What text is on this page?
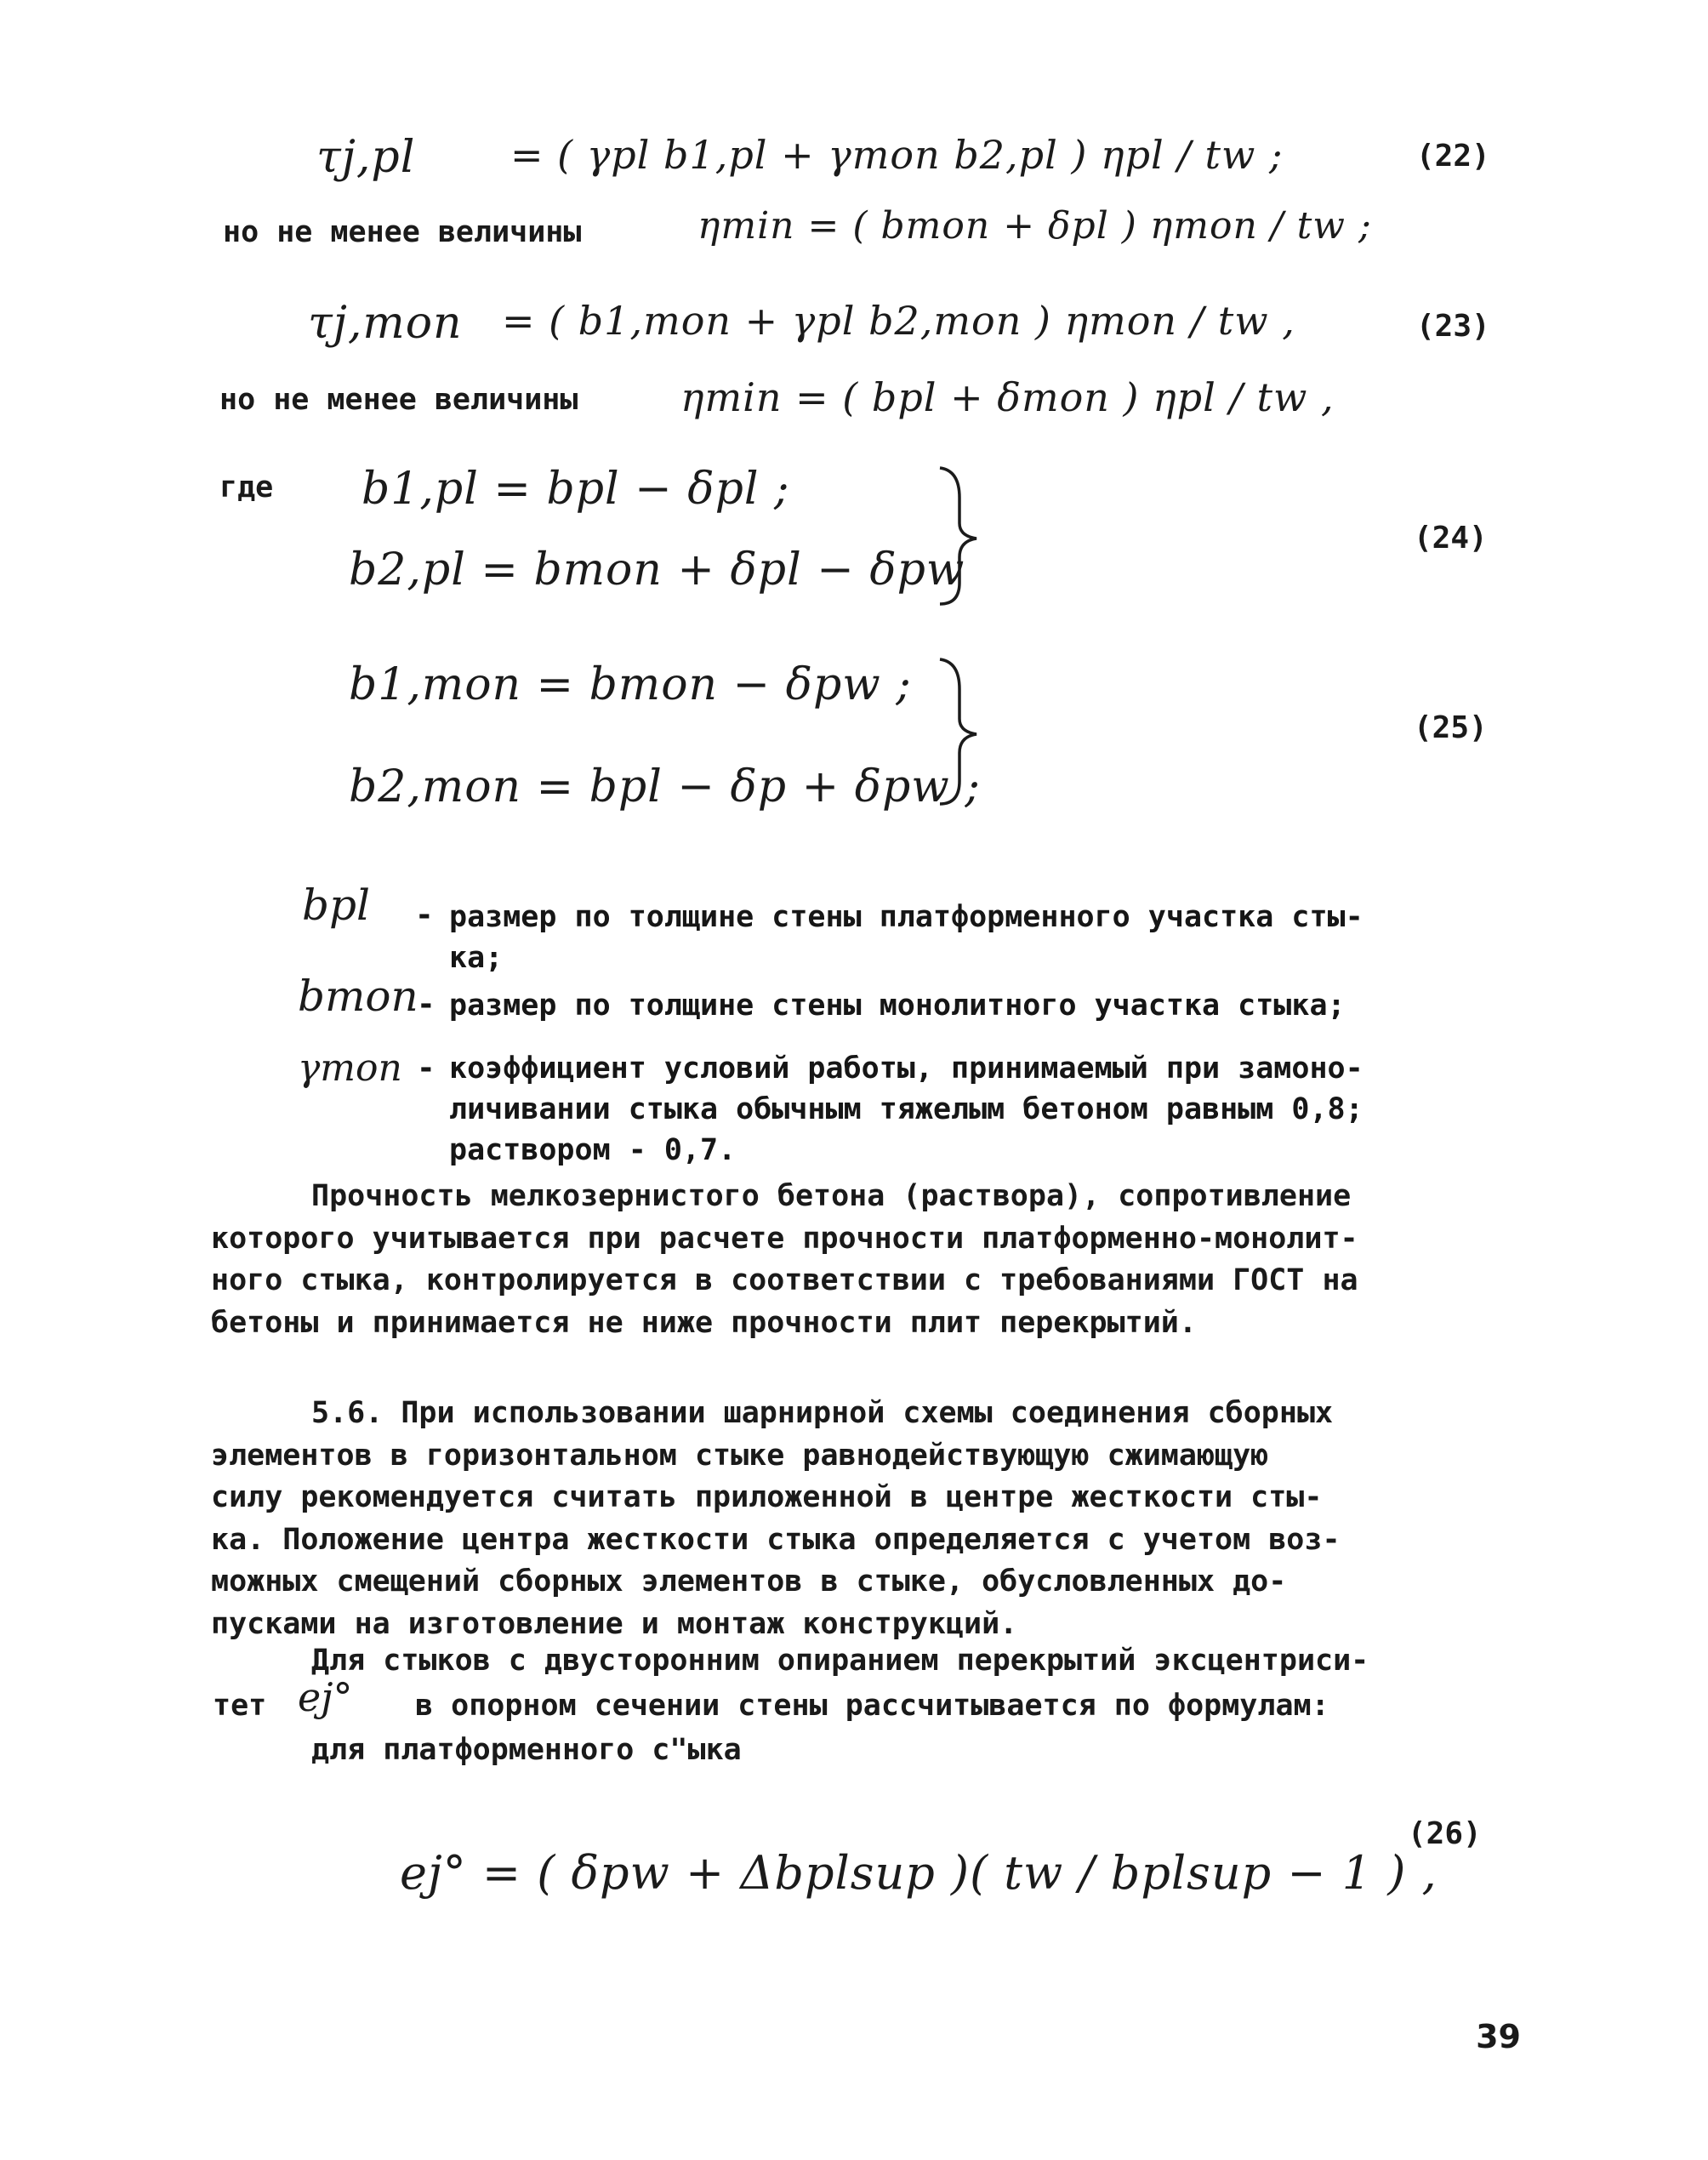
τj,pl = ( γpl b1,pl + γmon b2,pl ) ηpl / tw ;	(22)
но не менее величины	ηmin = ( bmon + δpl ) ηmon / tw ;
τj,mon = ( b1,mon + γpl b2,mon ) ηmon / tw ,	(23)
но не менее величины	ηmin = ( bpl + δmon ) ηpl / tw ,
где b1,pl = bpl − δpl ;
b2,pl = bmon + δpl − δpw
(24)
b1,mon = bmon − δpw ;
b2,mon = bpl − δp + δpw ;
(25)
bpl - размер по толщине стены платформенного участка сты-
ка;
bmon
- размер по толщине стены монолитного участка стыка;
γmon - коэффициент условий работы, принимаемый при замоно-
личивании стыка обычным тяжелым бетоном равным 0,8;
раствором - 0,7.
Прочность мелкозернистого бетона (раствора), сопротивление
которого учитывается при расчете прочности платформенно-монолит-
ного стыка, контролируется в соответствии с требованиями ГОСТ на
бетоны и принимается не ниже прочности плит перекрытий.
5.6. При использовании шарнирной схемы соединения сборных
элементов в горизонтальном стыке равнодействующую сжимающую
силу рекомендуется считать приложенной в центре жесткости сты-
ка. Положение центра жесткости стыка определяется с учетом воз-
можных смещений сборных элементов в стыке, обусловленных до-
пусками на изготовление и монтаж конструкций.
Для стыков с двусторонним опиранием перекрытий эксцентриси-
тет ej° в опорном сечении стены рассчитывается по формулам:
для платформенного с"ыка
ej° = ( δpw + Δbplsup )( tw / bplsup − 1 ) ,
(26)
39
